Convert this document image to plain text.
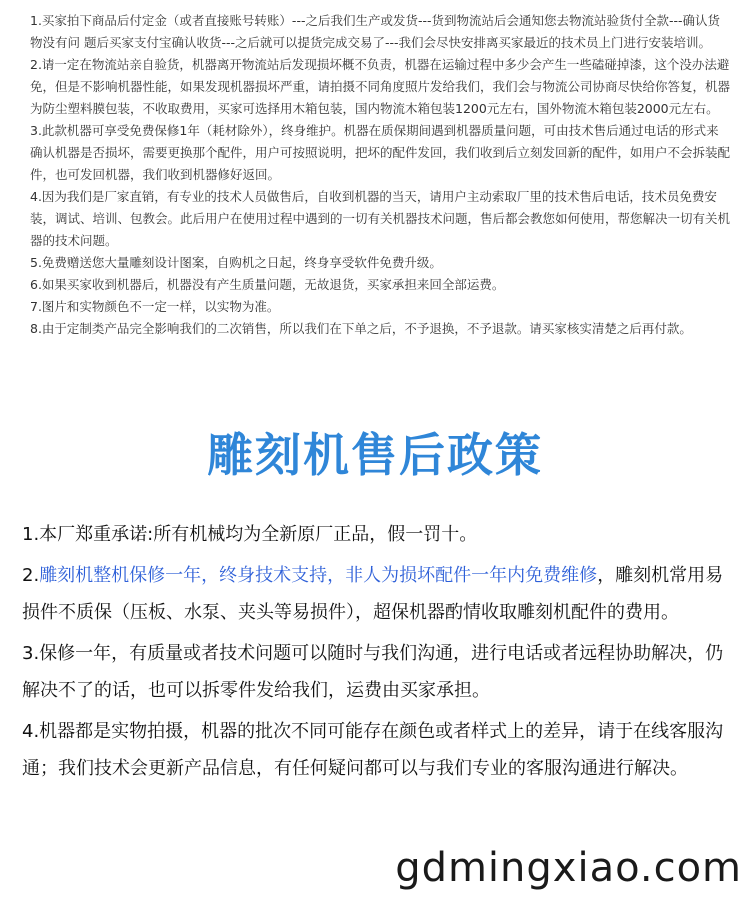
1.买家拍下商品后付定金（或者直接账号转账）---之后我们生产或发货---货到物流站后会通知您去物流站验货付全款---确认货物没有问 题后买家支付宝确认收货---之后就可以提货完成交易了---我们会尽快安排离买家最近的技术员上门进行安装培训。

2.请一定在物流站亲自验货，机器离开物流站后发现损坏概不负责，机器在运输过程中多少会产生一些磕碰掉漆，这个没办法避免，但是不影响机器性能，如果发现机器损坏严重，请拍摄不同角度照片发给我们，我们会与物流公司协商尽快给你答复，机器为防尘塑料膜包装，不收取费用，买家可选择用木箱包装，国内物流木箱包装1200元左右，国外物流木箱包装2000元左右。

3.此款机器可享受免费保修1年（耗材除外），终身维护。机器在质保期间遇到机器质量问题，可由技术售后通过电话的形式来确认机器是否损坏，需要更换那个配件，用户可按照说明，把坏的配件发回，我们收到后立刻发回新的配件，如用户不会拆装配件，也可发回机器，我们收到机器修好返回。

4.因为我们是厂家直销，有专业的技术人员做售后，自收到机器的当天，请用户主动索取厂里的技术售后电话，技术员免费安装，调试、培训、包教会。此后用户在使用过程中遇到的一切有关机器技术问题，售后都会教您如何使用，帮您解决一切有关机器的技术问题。

5.免费赠送您大量雕刻设计图案，自购机之日起，终身享受软件免费升级。

6.如果买家收到机器后，机器没有产生质量问题，无故退货，买家承担来回全部运费。

7.图片和实物颜色不一定一样，以实物为准。

8.由于定制类产品完全影响我们的二次销售，所以我们在下单之后，不予退换，不予退款。请买家核实清楚之后再付款。

雕刻机售后政策

1.本厂郑重承诺:所有机械均为全新原厂正品，假一罚十。

2.雕刻机整机保修一年，终身技术支持，非人为损坏配件一年内免费维修，雕刻机常用易损件不质保（压板、水泵、夹头等易损件），超保机器酌情收取雕刻机配件的费用。

3.保修一年，有质量或者技术问题可以随时与我们沟通，进行电话或者远程协助解决，仍解决不了的话，也可以拆零件发给我们，运费由买家承担。

4.机器都是实物拍摄，机器的批次不同可能存在颜色或者样式上的差异，请于在线客服沟通；我们技术会更新产品信息，有任何疑问都可以与我们专业的客服沟通进行解决。

gdmingxiao.com
